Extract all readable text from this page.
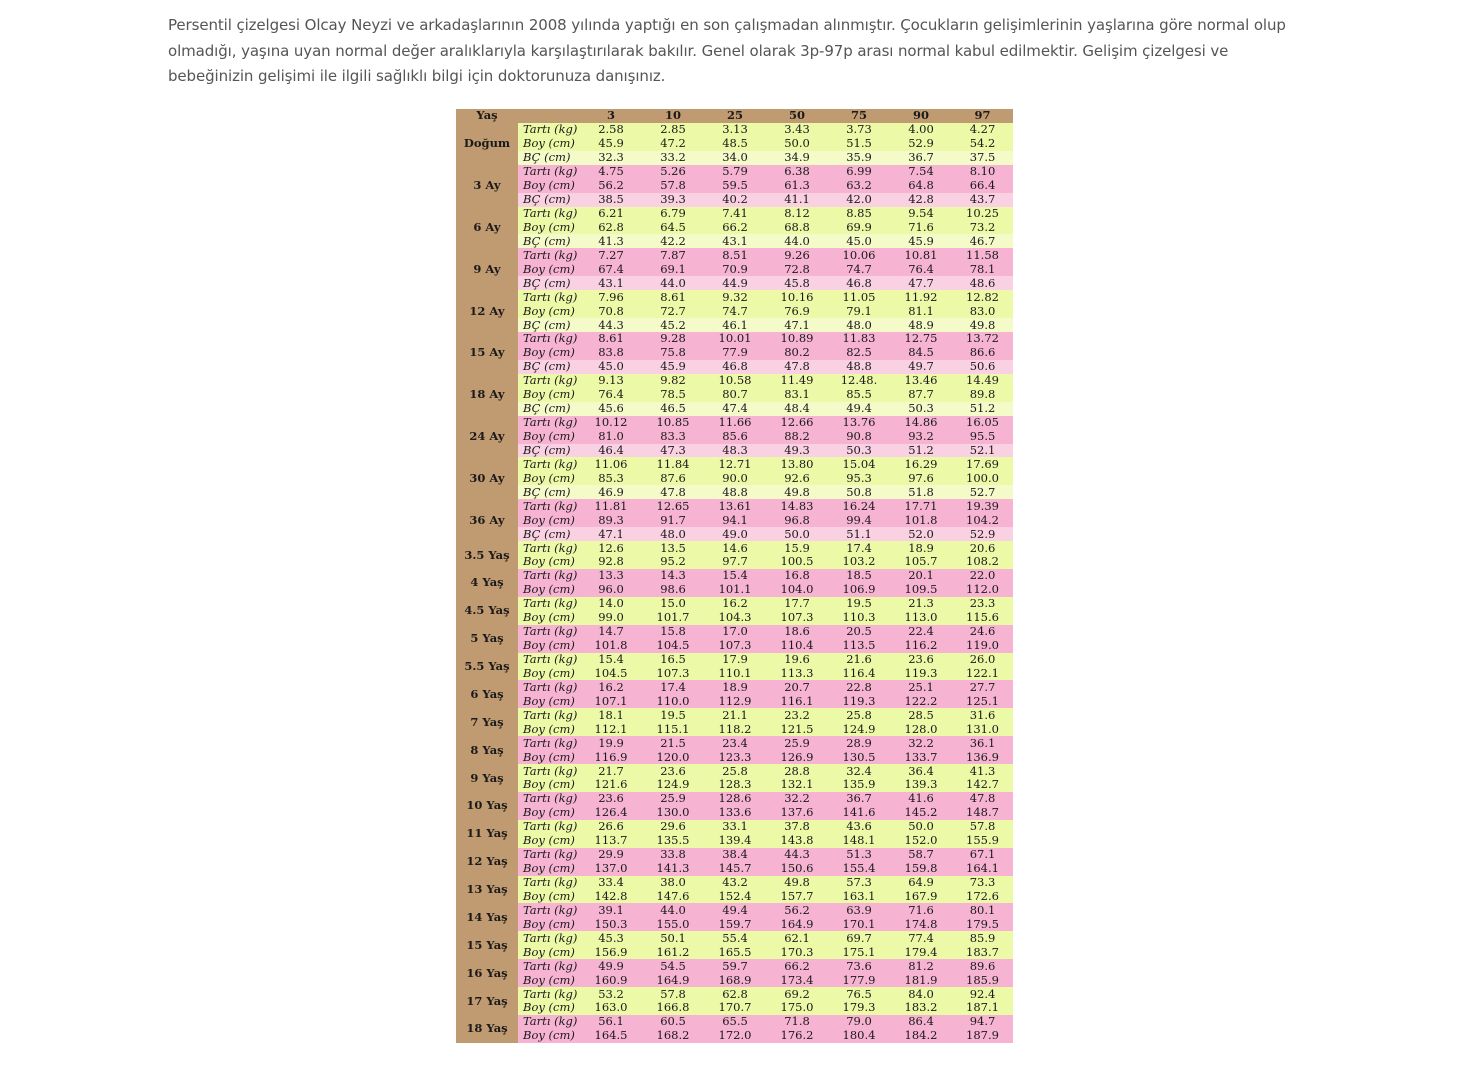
Persentil çizelgesi Olcay Neyzi ve arkadaşlarının 2008 yılında yaptığı en son çalışmadan alınmıştır. Çocukların gelişimlerinin yaşlarına göre normal olup olmadığı, yaşına uyan normal değer aralıklarıyla karşılaştırılarak bakılır. Genel olarak 3p-97p arası normal kabul edilmektir. Gelişim çizelgesi ve bebeğinizin gelişimi ile ilgili sağlıklı bilgi için doktorunuza danışınız.

Yaş		3	10	25	50	75	90	97
Doğum	Tartı (kg)	2.58	2.85	3.13	3.43	3.73	4.00	4.27
	Boy (cm)	45.9	47.2	48.5	50.0	51.5	52.9	54.2
	BÇ (cm)	32.3	33.2	34.0	34.9	35.9	36.7	37.5
3 Ay	Tartı (kg)	4.75	5.26	5.79	6.38	6.99	7.54	8.10
	Boy (cm)	56.2	57.8	59.5	61.3	63.2	64.8	66.4
	BÇ (cm)	38.5	39.3	40.2	41.1	42.0	42.8	43.7
6 Ay	Tartı (kg)	6.21	6.79	7.41	8.12	8.85	9.54	10.25
	Boy (cm)	62.8	64.5	66.2	68.8	69.9	71.6	73.2
	BÇ (cm)	41.3	42.2	43.1	44.0	45.0	45.9	46.7
9 Ay	Tartı (kg)	7.27	7.87	8.51	9.26	10.06	10.81	11.58
	Boy (cm)	67.4	69.1	70.9	72.8	74.7	76.4	78.1
	BÇ (cm)	43.1	44.0	44.9	45.8	46.8	47.7	48.6
12 Ay	Tartı (kg)	7.96	8.61	9.32	10.16	11.05	11.92	12.82
	Boy (cm)	70.8	72.7	74.7	76.9	79.1	81.1	83.0
	BÇ (cm)	44.3	45.2	46.1	47.1	48.0	48.9	49.8
15 Ay	Tartı (kg)	8.61	9.28	10.01	10.89	11.83	12.75	13.72
	Boy (cm)	83.8	75.8	77.9	80.2	82.5	84.5	86.6
	BÇ (cm)	45.0	45.9	46.8	47.8	48.8	49.7	50.6
18 Ay	Tartı (kg)	9.13	9.82	10.58	11.49	12.48.	13.46	14.49
	Boy (cm)	76.4	78.5	80.7	83.1	85.5	87.7	89.8
	BÇ (cm)	45.6	46.5	47.4	48.4	49.4	50.3	51.2
24 Ay	Tartı (kg)	10.12	10.85	11.66	12.66	13.76	14.86	16.05
	Boy (cm)	81.0	83.3	85.6	88.2	90.8	93.2	95.5
	BÇ (cm)	46.4	47.3	48.3	49.3	50.3	51.2	52.1
30 Ay	Tartı (kg)	11.06	11.84	12.71	13.80	15.04	16.29	17.69
	Boy (cm)	85.3	87.6	90.0	92.6	95.3	97.6	100.0
	BÇ (cm)	46.9	47.8	48.8	49.8	50.8	51.8	52.7
36 Ay	Tartı (kg)	11.81	12.65	13.61	14.83	16.24	17.71	19.39
	Boy (cm)	89.3	91.7	94.1	96.8	99.4	101.8	104.2
	BÇ (cm)	47.1	48.0	49.0	50.0	51.1	52.0	52.9
3.5 Yaş	Tartı (kg)	12.6	13.5	14.6	15.9	17.4	18.9	20.6
	Boy (cm)	92.8	95.2	97.7	100.5	103.2	105.7	108.2
4 Yaş	Tartı (kg)	13.3	14.3	15.4	16.8	18.5	20.1	22.0
	Boy (cm)	96.0	98.6	101.1	104.0	106.9	109.5	112.0
4.5 Yaş	Tartı (kg)	14.0	15.0	16.2	17.7	19.5	21.3	23.3
	Boy (cm)	99.0	101.7	104.3	107.3	110.3	113.0	115.6
5 Yaş	Tartı (kg)	14.7	15.8	17.0	18.6	20.5	22.4	24.6
	Boy (cm)	101.8	104.5	107.3	110.4	113.5	116.2	119.0
5.5 Yaş	Tartı (kg)	15.4	16.5	17.9	19.6	21.6	23.6	26.0
	Boy (cm)	104.5	107.3	110.1	113.3	116.4	119.3	122.1
6 Yaş	Tartı (kg)	16.2	17.4	18.9	20.7	22.8	25.1	27.7
	Boy (cm)	107.1	110.0	112.9	116.1	119.3	122.2	125.1
7 Yaş	Tartı (kg)	18.1	19.5	21.1	23.2	25.8	28.5	31.6
	Boy (cm)	112.1	115.1	118.2	121.5	124.9	128.0	131.0
8 Yaş	Tartı (kg)	19.9	21.5	23.4	25.9	28.9	32.2	36.1
	Boy (cm)	116.9	120.0	123.3	126.9	130.5	133.7	136.9
9 Yaş	Tartı (kg)	21.7	23.6	25.8	28.8	32.4	36.4	41.3
	Boy (cm)	121.6	124.9	128.3	132.1	135.9	139.3	142.7
10 Yaş	Tartı (kg)	23.6	25.9	128.6	32.2	36.7	41.6	47.8
	Boy (cm)	126.4	130.0	133.6	137.6	141.6	145.2	148.7
11 Yaş	Tartı (kg)	26.6	29.6	33.1	37.8	43.6	50.0	57.8
	Boy (cm)	113.7	135.5	139.4	143.8	148.1	152.0	155.9
12 Yaş	Tartı (kg)	29.9	33.8	38.4	44.3	51.3	58.7	67.1
	Boy (cm)	137.0	141.3	145.7	150.6	155.4	159.8	164.1
13 Yaş	Tartı (kg)	33.4	38.0	43.2	49.8	57.3	64.9	73.3
	Boy (cm)	142.8	147.6	152.4	157.7	163.1	167.9	172.6
14 Yaş	Tartı (kg)	39.1	44.0	49.4	56.2	63.9	71.6	80.1
	Boy (cm)	150.3	155.0	159.7	164.9	170.1	174.8	179.5
15 Yaş	Tartı (kg)	45.3	50.1	55.4	62.1	69.7	77.4	85.9
	Boy (cm)	156.9	161.2	165.5	170.3	175.1	179.4	183.7
16 Yaş	Tartı (kg)	49.9	54.5	59.7	66.2	73.6	81.2	89.6
	Boy (cm)	160.9	164.9	168.9	173.4	177.9	181.9	185.9
17 Yaş	Tartı (kg)	53.2	57.8	62.8	69.2	76.5	84.0	92.4
	Boy (cm)	163.0	166.8	170.7	175.0	179.3	183.2	187.1
18 Yaş	Tartı (kg)	56.1	60.5	65.5	71.8	79.0	86.4	94.7
	Boy (cm)	164.5	168.2	172.0	176.2	180.4	184.2	187.9
